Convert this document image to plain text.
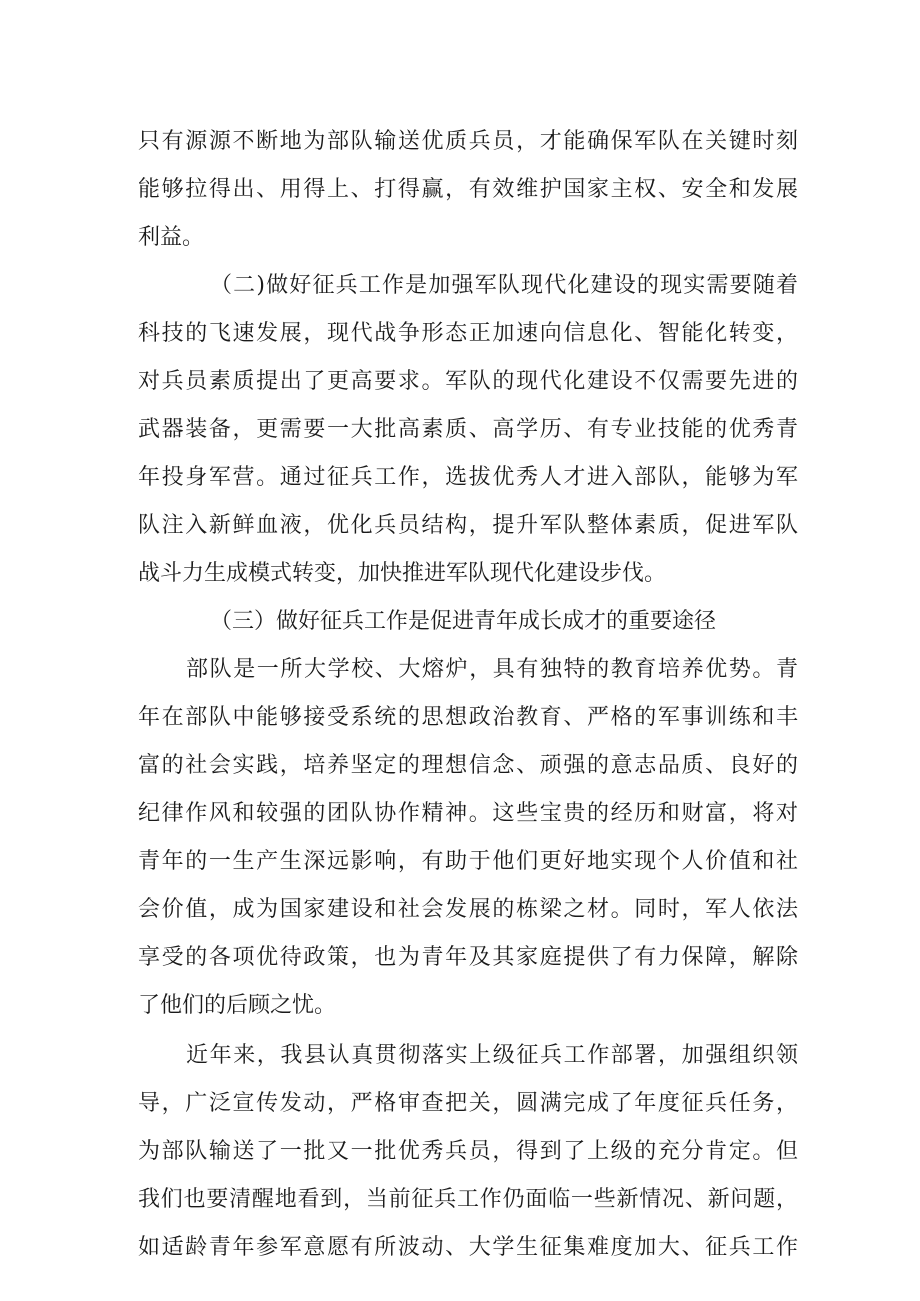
只有源源不断地为部队输送优质兵员，才能确保军队在关键时刻
能够拉得出、用得上、打得赢，有效维护国家主权、安全和发展
利益。
（二)做好征兵工作是加强军队现代化建设的现实需要随着
科技的飞速发展，现代战争形态正加速向信息化、智能化转变，
对兵员素质提出了更高要求。军队的现代化建设不仅需要先进的
武器装备，更需要一大批高素质、高学历、有专业技能的优秀青
年投身军营。通过征兵工作，选拔优秀人才进入部队，能够为军
队注入新鲜血液，优化兵员结构，提升军队整体素质，促进军队
战斗力生成模式转变，加快推进军队现代化建设步伐。
（三）做好征兵工作是促进青年成长成才的重要途径
部队是一所大学校、大熔炉，具有独特的教育培养优势。青
年在部队中能够接受系统的思想政治教育、严格的军事训练和丰
富的社会实践，培养坚定的理想信念、顽强的意志品质、良好的
纪律作风和较强的团队协作精神。这些宝贵的经历和财富，将对
青年的一生产生深远影响，有助于他们更好地实现个人价值和社
会价值，成为国家建设和社会发展的栋梁之材。同时，军人依法
享受的各项优待政策，也为青年及其家庭提供了有力保障，解除
了他们的后顾之忧。
近年来，我县认真贯彻落实上级征兵工作部署，加强组织领
导，广泛宣传发动，严格审查把关，圆满完成了年度征兵任务，
为部队输送了一批又一批优秀兵员，得到了上级的充分肯定。但
我们也要清醒地看到，当前征兵工作仍面临一些新情况、新问题，
如适龄青年参军意愿有所波动、大学生征集难度加大、征兵工作
